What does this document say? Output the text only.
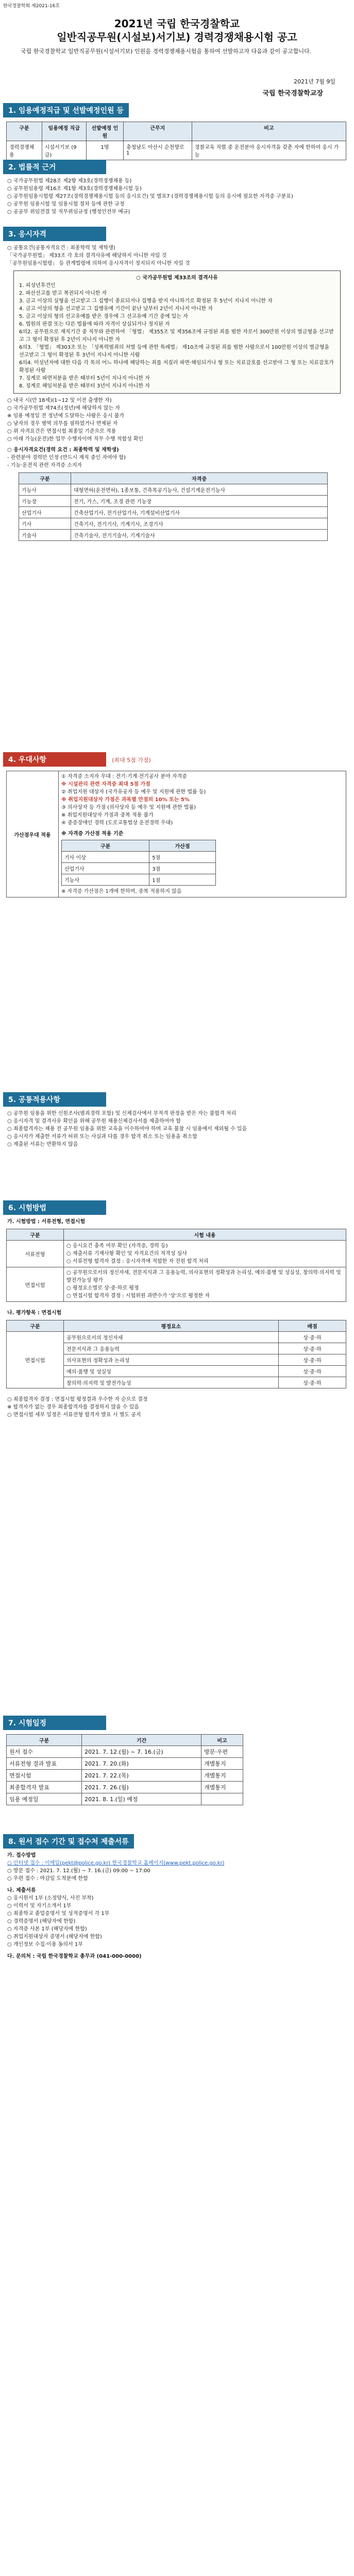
한국경찰학회 제2021-16호
2021년 국립 한국경찰학교
일반직공무원(시설보)서기보) 경력경쟁채용시험 공고
국립 한국경찰학교 일반직공무원(시설서기보) 인원을 경력경쟁채용시험을 통하여 선발하고자 다음과 같이 공고합니다.
2021년 7월 9일
국립 한국경찰학교장
1. 임용예정직급 및 선발예정인원 등
구분	임용예정 직급	선발예정 인원	근무지	비고
경력경쟁채용	시설서기보 (9급)	1명	충청남도 아산시 순천향로 1	경찰교육 직렬 중 운전분야 응시자격을 갖춘 자에 한하여 응시 가능
2. 법률적 근거
○ 국가공무원법 제28조 제2항 제3호(경력경쟁채용 등)
○ 공무원임용령 제16조 제1항 제3호(경력경쟁채용시험 등)
○ 공무원임용시험령 제27조(경력경쟁채용시험 등의 응시요건) 및 별표7 (경력경쟁채용시험 등의 응시에 필요한 자격증 구분표)
○ 공무원 임용시험 및 임용시험 절차 등에 관한 규정
○ 공공부 위임전결 및 직무위임규정 (행정안전부 예규)
3. 응시자격
○ 공통요건(공통자격요건 : 최종학력 및 재학생)
「국가공무원법」 제33조 각 호의 결격사유에 해당하지 아니한 자일 것
「공무원임용시험령」 등 관계법령에 의하여 응시자격이 정지되지 아니한 자일 것
○ 국가공무원법 제33조의 결격사유
1. 피성년후견인
2. 파산선고를 받고 복권되지 아니한 자
3. 금고 이상의 실형을 선고받고 그 집행이 종료되거나 집행을 받지 아니하기로 확정된 후 5년이 지나지 아니한 자
4. 금고 이상의 형을 선고받고 그 집행유예 기간이 끝난 날부터 2년이 지나지 아니한 자
5. 금고 이상의 형의 선고유예를 받은 경우에 그 선고유예 기간 중에 있는 자
6. 법원의 판결 또는 다른 법률에 따라 자격이 상실되거나 정지된 자
6의2. 공무원으로 재직기간 중 직무와 관련하여 「형법」 제355조 및 제356조에 규정된 죄를 범한 자로서 300만원 이상의 벌금형을 선고받고 그 형이 확정된 후 2년이 지나지 아니한 자
6의3. 「형법」 제303조 또는 「성폭력범죄의 처벌 등에 관한 특례법」 제10조에 규정된 죄를 범한 사람으로서 100만원 이상의 벌금형을 선고받고 그 형이 확정된 후 3년이 지나지 아니한 사람
6의4. 미성년자에 대한 다음 각 목의 어느 하나에 해당하는 죄를 저질러 파면·해임되거나 형 또는 치료감호를 선고받아 그 형 또는 치료감호가 확정된 사람
7. 징계로 파면처분을 받은 때부터 5년이 지나지 아니한 자
8. 징계로 해임처분을 받은 때부터 3년이 지나지 아니한 자
○ 내국 시(만 18세)(1~12 및 이전 출생한 자)
○ 국가공무원법 제74조(정년)에 해당하지 않는 자
※ 임용 예정일 전 정년에 도달하는 사람은 응시 불가
○ 남자의 경우 병역 의무를 필하였거나 면제된 자
○ 위 자격요건은 면접시험 최종일 기준으로 적용
○ 아래 가능(운전)한 업무 수행자이며 직무 수행 적합성 확인
○ 응시자격요건(경력 요건 : 최종학력 및 재학생)
- 관련분야 경력만 인정 (반드시 재직 중인 자여야 함)
- 기능·운전직 관련 자격증 소지자
구분	자격증
기능사	대형면허(운전면허), 1종보통, 건축목공기능사, 건설기계운전기능사
기능장	전기, 가스, 기계, 조경 관련 기능장
산업기사	건축산업기사, 전기산업기사, 기계설비산업기사
기사	건축기사, 전기기사, 기계기사, 조경기사
기술사	건축기술사, 전기기술사, 기계기술사
4. 우대사항	(최대 5점 가점)
가산점우대 적용	
① 자격증 소지자 우대 : 전기·기계·전기공사 분야 자격증
※ 시설관리 관련 자격증 최대 5점 가점
② 취업지원 대상자 (국가유공자 등 예우 및 지원에 관한 법률 등)
※ 취업지원대상자 가점은 과목별 만점의 10% 또는 5%
③ 의사상자 등 가점 (의사상자 등 예우 및 지원에 관한 법률)
※ 취업지원대상자 가점과 중복 적용 불가
④ 중증장애인 경력 (도로교통법상 운전경력 우대)
※ 자격증 가산점 적용 기준
구분	가산점
기사 이상	5점
산업기사	3점
기능사	1점
※ 자격증 가산점은 1개에 한하며, 중복 적용하지 않음
5. 공통적용사항
○ 공무원 임용을 위한 신원조사(범죄경력 포함) 및 신체검사에서 부적격 판정을 받은 자는 불합격 처리
○ 응시자격 및 결격사유 확인을 위해 공무원 채용신체검사서를 제출하여야 함
○ 최종합격자는 채용 전 공무원 임용을 위한 교육을 이수하여야 하며 교육 불참 시 임용에서 제외될 수 있음
○ 응시자가 제출한 서류가 허위 또는 사실과 다를 경우 합격 취소 또는 임용을 취소함
○ 제출된 서류는 반환하지 않음
6. 시험방법
가. 시험방법 : 서류전형, 면접시험
구분	시험 내용
서류전형	○ 응시요건 충족 여부 확인 (자격증, 경력 등)
○ 제출서류 기재사항 확인 및 자격요건의 적격성 심사
○ 서류전형 합격자 결정 : 응시자격에 적합한 자 전원 합격 처리
면접시험	○ 공무원으로서의 정신자세, 전문지식과 그 응용능력, 의사표현의 정확성과 논리성, 예의·품행 및 성실성, 창의력·의지력 및 발전가능성 평가
○ 평정요소별로 상·중·하로 평정
○ 면접시험 합격자 결정 : 시험위원 과반수가 '상'으로 평정한 자
나. 평가항목 : 면접시험
구분	평정요소	배점
면접시험	공무원으로서의 정신자세	상·중·하
	전문지식과 그 응용능력	상·중·하
	의사표현의 정확성과 논리성	상·중·하
	예의·품행 및 성실성	상·중·하
	창의력·의지력 및 발전가능성	상·중·하
○ 최종합격자 결정 : 면접시험 평정결과 우수한 자 순으로 결정
※ 합격자가 없는 경우 최종합격자를 결정하지 않을 수 있음
○ 면접시험 세부 일정은 서류전형 합격자 발표 시 별도 공지
7. 시험일정
구분	기간	비고
원서 접수	2021. 7. 12.(월) ~ 7. 16.(금)	방문·우편
서류전형 결과 발표	2021. 7. 20.(화)	개별통지
면접시험	2021. 7. 22.(목)	개별통지
최종합격자 발표	2021. 7. 26.(월)	개별통지
임용 예정일	2021. 8. 1.(일) 예정	
8. 원서 접수 기간 및 접수처 제출서류
가. 접수방법
○ 인터넷 접수 : 이메일(pekt@police.go.kr) 한국경찰학교 홈페이지(www.pekt.police.go.kr)
○ 방문 접수 : 2021. 7. 12.(월) ~ 7. 16.(금) 09:00 ~ 17:00
○ 우편 접수 : 마감일 도착분에 한함
나. 제출서류
○ 응시원서 1부 (소정양식, 사진 부착)
○ 이력서 및 자기소개서 1부
○ 최종학교 졸업증명서 및 성적증명서 각 1부
○ 경력증명서 (해당자에 한함)
○ 자격증 사본 1부 (해당자에 한함)
○ 취업지원대상자 증명서 (해당자에 한함)
○ 개인정보 수집·이용 동의서 1부
다. 문의처 : 국립 한국경찰학교 총무과 (041-000-0000)
